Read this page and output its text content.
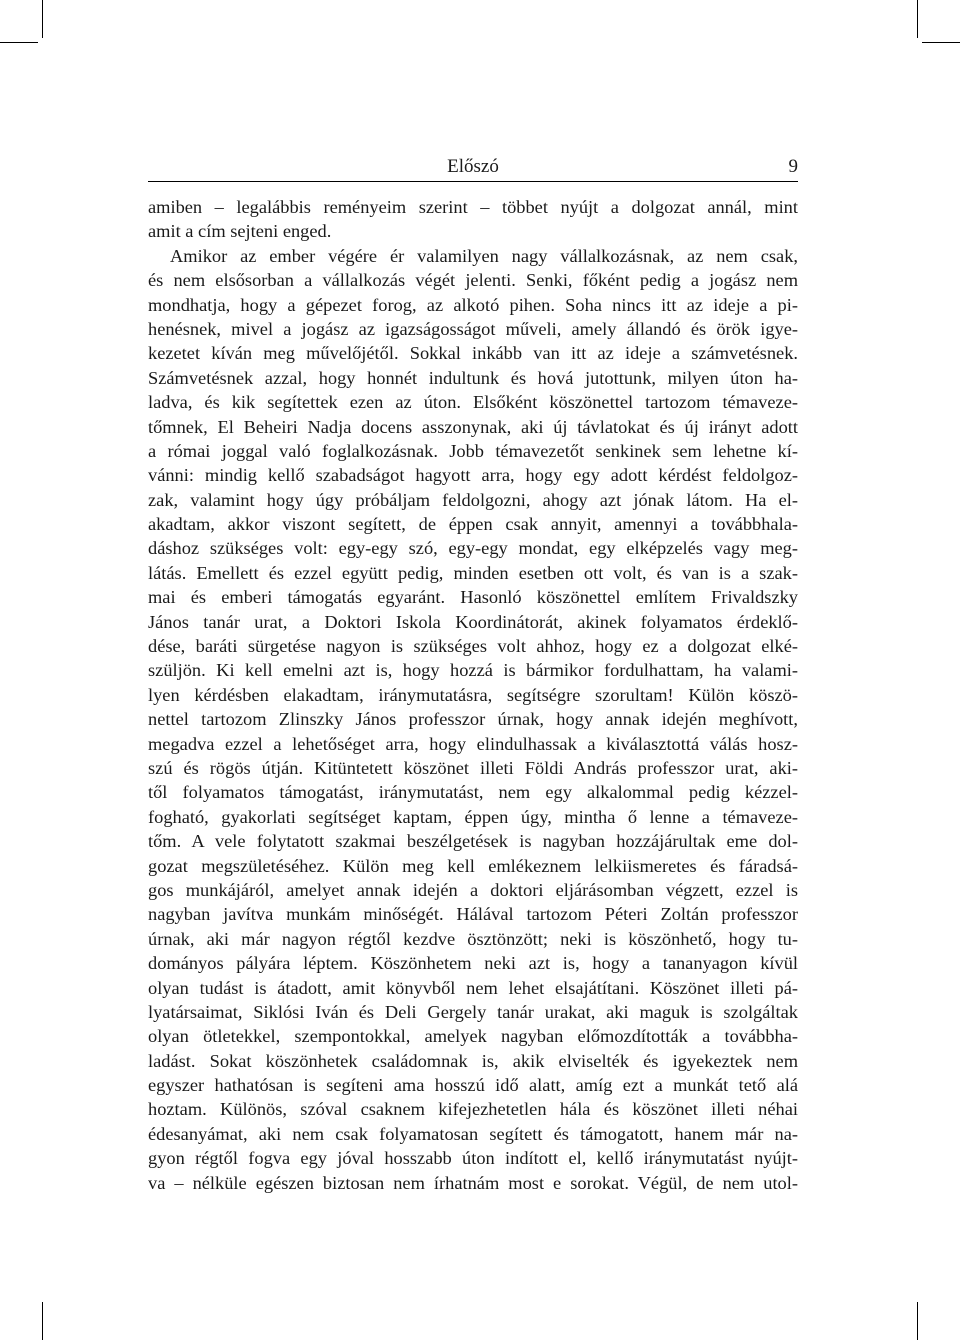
Előszó	9
amiben – legalábbis reményeim szerint – többet nyújt a dolgozat annál, mint
amit a cím sejteni enged.
Amikor az ember végére ér valamilyen nagy vállalkozásnak, az nem csak,
és nem elsősorban a vállalkozás végét jelenti. Senki, főként pedig a jogász nem
mondhatja, hogy a gépezet forog, az alkotó pihen. Soha nincs itt az ideje a pi-
henésnek, mivel a jogász az igazságosságot műveli, amely állandó és örök igye-
kezetet kíván meg művelőjétől. Sokkal inkább van itt az ideje a számvetésnek.
Számvetésnek azzal, hogy honnét indultunk és hová jutottunk, milyen úton ha-
ladva, és kik segítettek ezen az úton. Elsőként köszönettel tartozom témaveze-
tőmnek, El Beheiri Nadja docens asszonynak, aki új távlatokat és új irányt adott
a római joggal való foglalkozásnak. Jobb témavezetőt senkinek sem lehetne kí-
vánni: mindig kellő szabadságot hagyott arra, hogy egy adott kérdést feldolgoz-
zak, valamint hogy úgy próbáljam feldolgozni, ahogy azt jónak látom. Ha el-
akadtam, akkor viszont segített, de éppen csak annyit, amennyi a továbbhala-
dáshoz szükséges volt: egy-egy szó, egy-egy mondat, egy elképzelés vagy meg-
látás. Emellett és ezzel együtt pedig, minden esetben ott volt, és van is a szak-
mai és emberi támogatás egyaránt. Hasonló köszönettel említem Frivaldszky
János tanár urat, a Doktori Iskola Koordinátorát, akinek folyamatos érdeklő-
dése, baráti sürgetése nagyon is szükséges volt ahhoz, hogy ez a dolgozat elké-
szüljön. Ki kell emelni azt is, hogy hozzá is bármikor fordulhattam, ha valami-
lyen kérdésben elakadtam, iránymutatásra, segítségre szorultam! Külön köszö-
nettel tartozom Zlinszky János professzor úrnak, hogy annak idején meghívott,
megadva ezzel a lehetőséget arra, hogy elindulhassak a kiválasztottá válás hosz-
szú és rögös útján. Kitüntetett köszönet illeti Földi András professzor urat, aki-
től folyamatos támogatást, iránymutatást, nem egy alkalommal pedig kézzel-
fogható, gyakorlati segítséget kaptam, éppen úgy, mintha ő lenne a témaveze-
tőm. A vele folytatott szakmai beszélgetések is nagyban hozzájárultak eme dol-
gozat megszületéséhez. Külön meg kell emlékeznem lelkiismeretes és fáradsá-
gos munkájáról, amelyet annak idején a doktori eljárásomban végzett, ezzel is
nagyban javítva munkám minőségét. Hálával tartozom Péteri Zoltán professzor
úrnak, aki már nagyon régtől kezdve ösztönzött; neki is köszönhető, hogy tu-
dományos pályára léptem. Köszönhetem neki azt is, hogy a tananyagon kívül
olyan tudást is átadott, amit könyvből nem lehet elsajátítani. Köszönet illeti pá-
lyatársaimat, Siklósi Iván és Deli Gergely tanár urakat, aki maguk is szolgáltak
olyan ötletekkel, szempontokkal, amelyek nagyban előmozdították a továbbha-
ladást. Sokat köszönhetek családomnak is, akik elviselték és igyekeztek nem
egyszer hathatósan is segíteni ama hosszú idő alatt, amíg ezt a munkát tető alá
hoztam. Különös, szóval csaknem kifejezhetetlen hála és köszönet illeti néhai
édesanyámat, aki nem csak folyamatosan segített és támogatott, hanem már na-
gyon régtől fogva egy jóval hosszabb úton indított el, kellő iránymutatást nyújt-
va – nélküle egészen biztosan nem írhatnám most e sorokat. Végül, de nem utol-
